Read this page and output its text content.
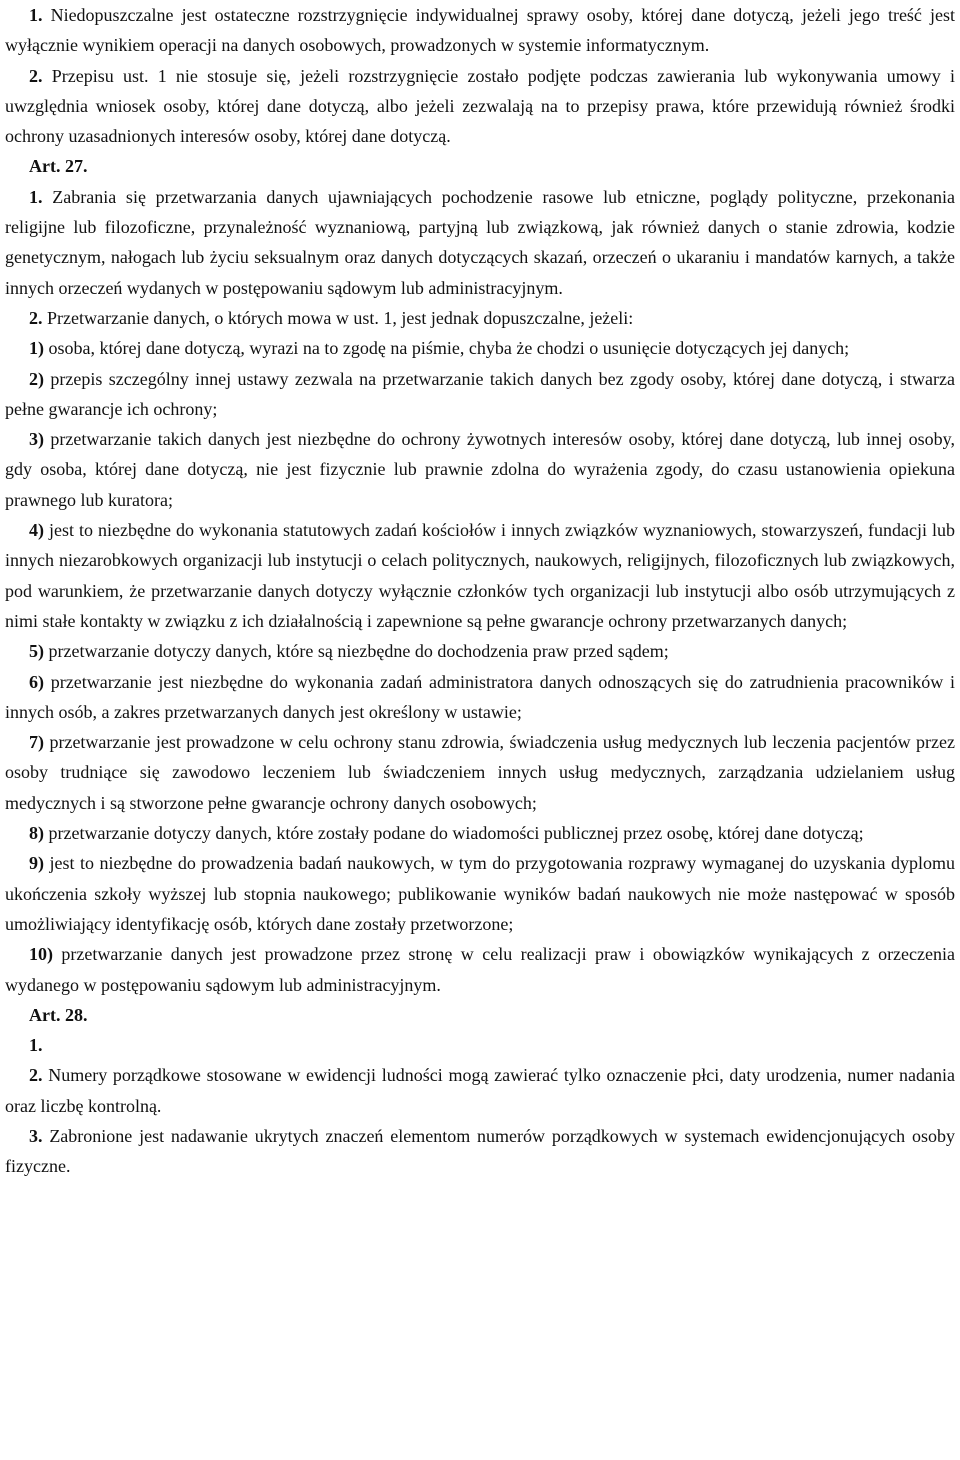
1. Niedopuszczalne jest ostateczne rozstrzygnięcie indywidualnej sprawy osoby, której dane dotyczą, jeżeli jego treść jest wyłącznie wynikiem operacji na danych osobowych, prowadzonych w systemie informatycznym.
2. Przepisu ust. 1 nie stosuje się, jeżeli rozstrzygnięcie zostało podjęte podczas zawierania lub wykonywania umowy i uwzględnia wniosek osoby, której dane dotyczą, albo jeżeli zezwalają na to przepisy prawa, które przewidują również środki ochrony uzasadnionych interesów osoby, której dane dotyczą.
Art. 27.
1. Zabrania się przetwarzania danych ujawniających pochodzenie rasowe lub etniczne, poglądy polityczne, przekonania religijne lub filozoficzne, przynależność wyznaniową, partyjną lub związkową, jak również danych o stanie zdrowia, kodzie genetycznym, nałogach lub życiu seksualnym oraz danych dotyczących skazań, orzeczeń o ukaraniu i mandatów karnych, a także innych orzeczeń wydanych w postępowaniu sądowym lub administracyjnym.
2. Przetwarzanie danych, o których mowa w ust. 1, jest jednak dopuszczalne, jeżeli:
1) osoba, której dane dotyczą, wyrazi na to zgodę na piśmie, chyba że chodzi o usunięcie dotyczących jej danych;
2) przepis szczególny innej ustawy zezwala na przetwarzanie takich danych bez zgody osoby, której dane dotyczą, i stwarza pełne gwarancje ich ochrony;
3) przetwarzanie takich danych jest niezbędne do ochrony żywotnych interesów osoby, której dane dotyczą, lub innej osoby, gdy osoba, której dane dotyczą, nie jest fizycznie lub prawnie zdolna do wyrażenia zgody, do czasu ustanowienia opiekuna prawnego lub kuratora;
4) jest to niezbędne do wykonania statutowych zadań kościołów i innych związków wyznaniowych, stowarzyszeń, fundacji lub innych niezarobkowych organizacji lub instytucji o celach politycznych, naukowych, religijnych, filozoficznych lub związkowych, pod warunkiem, że przetwarzanie danych dotyczy wyłącznie członków tych organizacji lub instytucji albo osób utrzymujących z nimi stałe kontakty w związku z ich działalnością i zapewnione są pełne gwarancje ochrony przetwarzanych danych;
5) przetwarzanie dotyczy danych, które są niezbędne do dochodzenia praw przed sądem;
6) przetwarzanie jest niezbędne do wykonania zadań administratora danych odnoszących się do zatrudnienia pracowników i innych osób, a zakres przetwarzanych danych jest określony w ustawie;
7) przetwarzanie jest prowadzone w celu ochrony stanu zdrowia, świadczenia usług medycznych lub leczenia pacjentów przez osoby trudniące się zawodowo leczeniem lub świadczeniem innych usług medycznych, zarządzania udzielaniem usług medycznych i są stworzone pełne gwarancje ochrony danych osobowych;
8) przetwarzanie dotyczy danych, które zostały podane do wiadomości publicznej przez osobę, której dane dotyczą;
9) jest to niezbędne do prowadzenia badań naukowych, w tym do przygotowania rozprawy wymaganej do uzyskania dyplomu ukończenia szkoły wyższej lub stopnia naukowego; publikowanie wyników badań naukowych nie może następować w sposób umożliwiający identyfikację osób, których dane zostały przetworzone;
10) przetwarzanie danych jest prowadzone przez stronę w celu realizacji praw i obowiązków wynikających z orzeczenia wydanego w postępowaniu sądowym lub administracyjnym.
Art. 28.
1.
2. Numery porządkowe stosowane w ewidencji ludności mogą zawierać tylko oznaczenie płci, daty urodzenia, numer nadania oraz liczbę kontrolną.
3. Zabronione jest nadawanie ukrytych znaczeń elementom numerów porządkowych w systemach ewidencjonujących osoby fizyczne.
